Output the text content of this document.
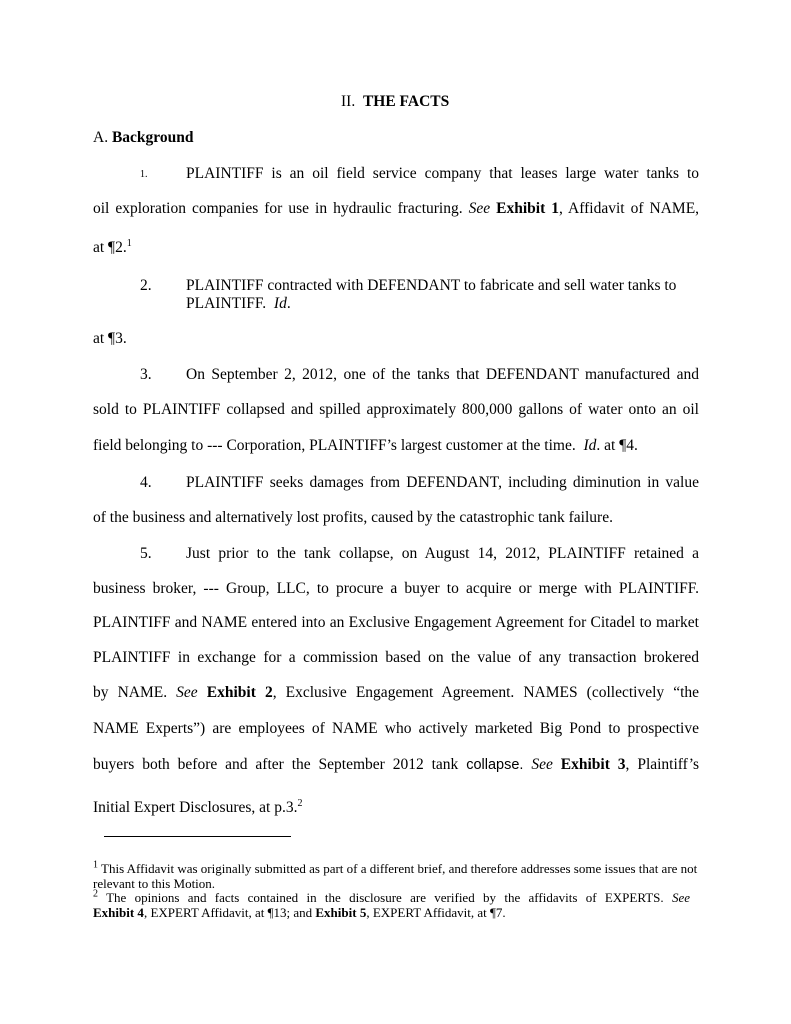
II. THE FACTS
A. Background
1. PLAINTIFF is an oil field service company that leases large water tanks to
oil exploration companies for use in hydraulic fracturing. See Exhibit 1, Affidavit of NAME,
at ¶2.$^1$
2. PLAINTIFF contracted with DEFENDANT to fabricate and sell water tanks to
PLAINTIFF. Id.
at ¶3.
3. On September 2, 2012, one of the tanks that DEFENDANT manufactured and
sold to PLAINTIFF collapsed and spilled approximately 800,000 gallons of water onto an oil
field belonging to --- Corporation, PLAINTIFF’s largest customer at the time. Id. at ¶4.
4. PLAINTIFF seeks damages from DEFENDANT, including diminution in value
of the business and alternatively lost profits, caused by the catastrophic tank failure.
5. Just prior to the tank collapse, on August 14, 2012, PLAINTIFF retained a
business broker, --- Group, LLC, to procure a buyer to acquire or merge with PLAINTIFF.
PLAINTIFF and NAME entered into an Exclusive Engagement Agreement for Citadel to market
PLAINTIFF in exchange for a commission based on the value of any transaction brokered
by NAME. See Exhibit 2, Exclusive Engagement Agreement. NAMES (collectively “the
NAME Experts”) are employees of NAME who actively marketed Big Pond to prospective
buyers both before and after the September 2012 tank collapse. See Exhibit 3, Plaintiff’s
Initial Expert Disclosures, at p.3.$^2$
$^1$ This Affidavit was originally submitted as part of a different brief, and therefore addresses some issues that are not
relevant to this Motion.
$^2$ The opinions and facts contained in the disclosure are verified by the affidavits of EXPERTS. See
Exhibit 4, EXPERT Affidavit, at ¶13; and Exhibit 5, EXPERT Affidavit, at ¶7.
